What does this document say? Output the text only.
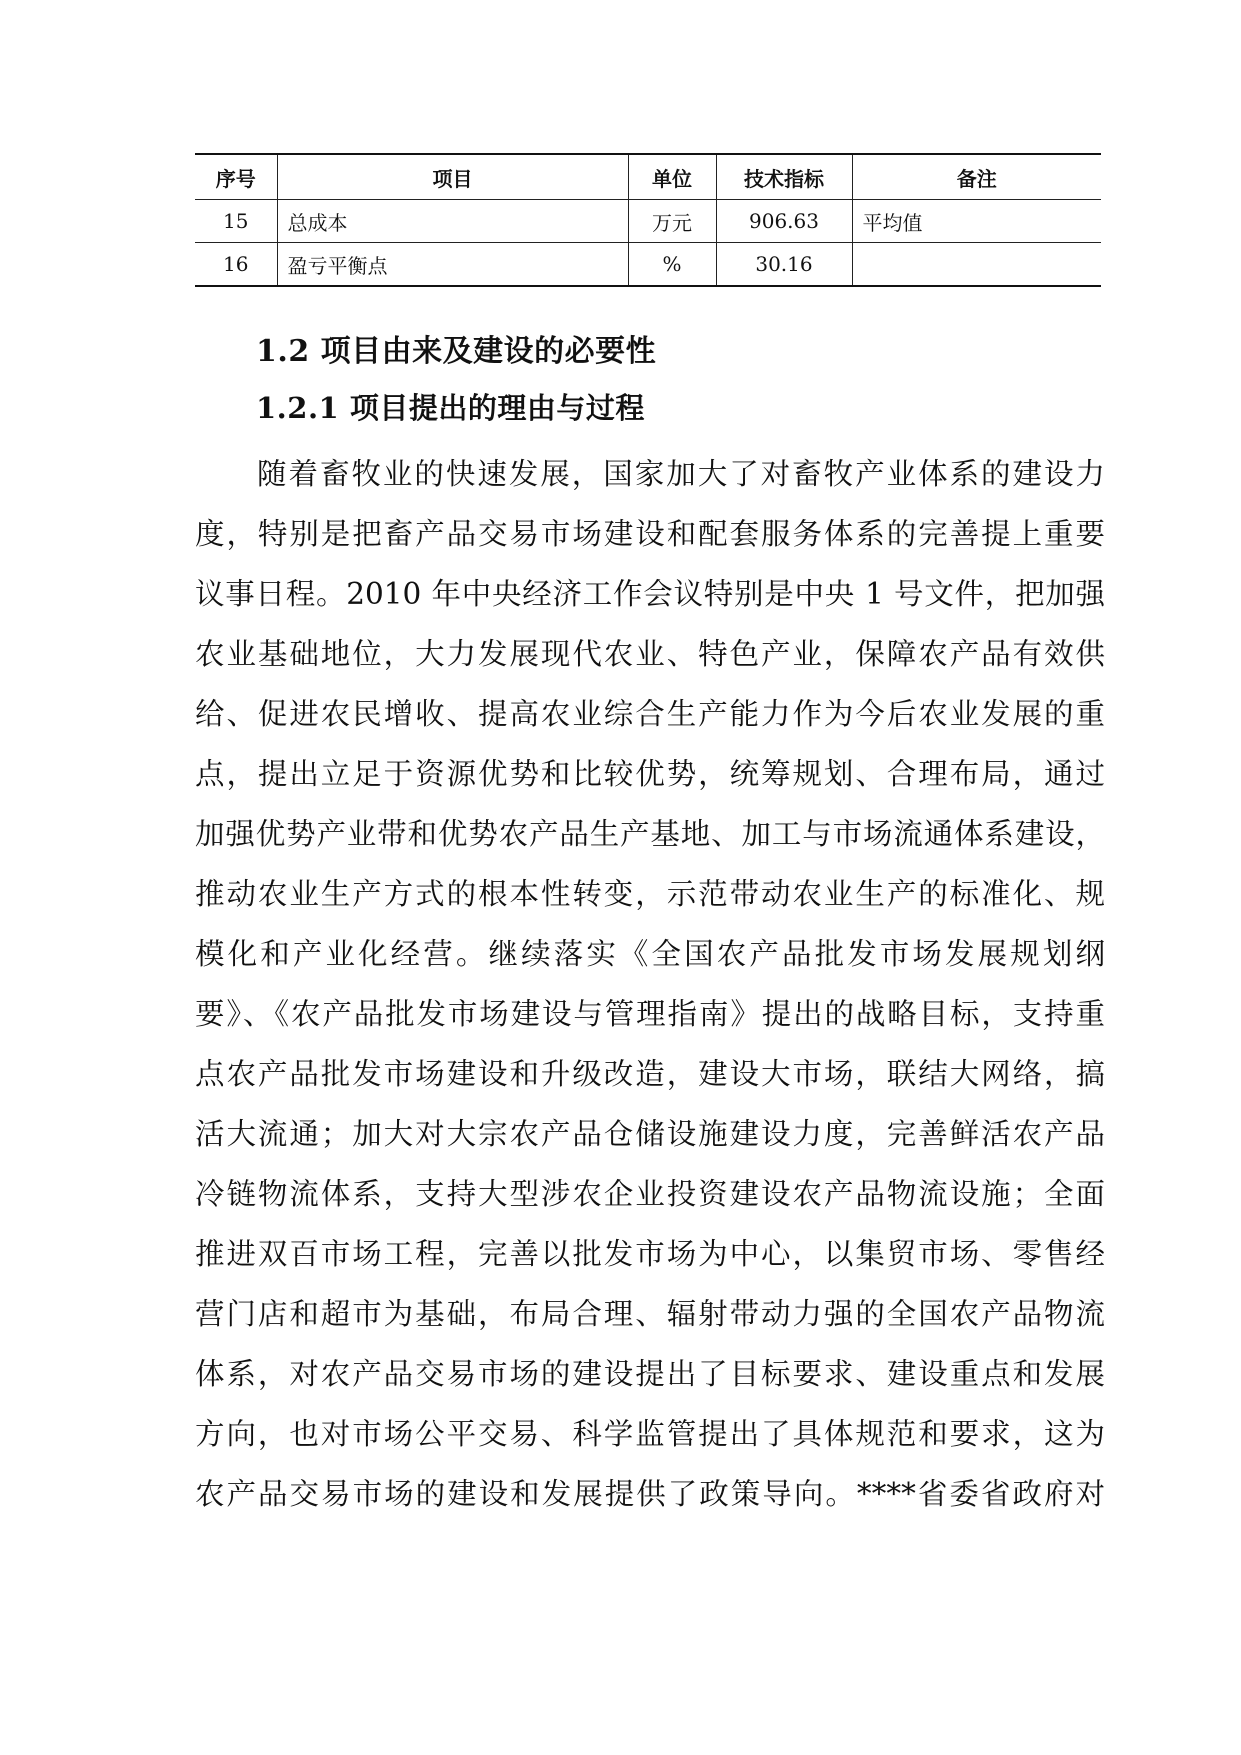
序号	项目	单位	技术指标	备注
15	总成本	万元	906.63	平均值
16	盈亏平衡点	%	30.16	
1.2 项目由来及建设的必要性
1.2.1 项目提出的理由与过程

随着畜牧业的快速发展，国家加大了对畜牧产业体系的建设力
度，特别是把畜产品交易市场建设和配套服务体系的完善提上重要
议事日程。2010 年中央经济工作会议特别是中央 1 号文件，把加强
农业基础地位，大力发展现代农业、特色产业，保障农产品有效供
给、促进农民增收、提高农业综合生产能力作为今后农业发展的重
点，提出立足于资源优势和比较优势，统筹规划、合理布局，通过
加强优势产业带和优势农产品生产基地、加工与市场流通体系建设，
推动农业生产方式的根本性转变，示范带动农业生产的标准化、规
模化和产业化经营。继续落实《全国农产品批发市场发展规划纲
要》、《农产品批发市场建设与管理指南》提出的战略目标，支持重
点农产品批发市场建设和升级改造，建设大市场，联结大网络，搞
活大流通；加大对大宗农产品仓储设施建设力度，完善鲜活农产品
冷链物流体系，支持大型涉农企业投资建设农产品物流设施；全面
推进双百市场工程，完善以批发市场为中心，以集贸市场、零售经
营门店和超市为基础，布局合理、辐射带动力强的全国农产品物流
体系，对农产品交易市场的建设提出了目标要求、建设重点和发展
方向，也对市场公平交易、科学监管提出了具体规范和要求，这为
农产品交易市场的建设和发展提供了政策导向。****省委省政府对
